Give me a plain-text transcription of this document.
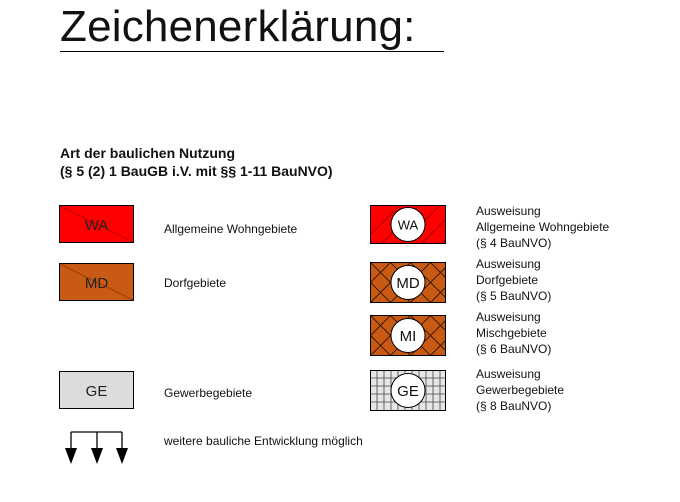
Zeichenerklärung:
Art der baulichen Nutzung
(§ 5 (2) 1 BauGB i.V. mit §§ 1-11 BauNVO)
WA	Allgemeine Wohngebiete
MD	Dorfgebiete
GE	Gewerbegebiete
WA
Ausweisung
Allgemeine Wohngebiete
(§ 4 BauNVO)
MD
Ausweisung
Dorfgebiete
(§ 5 BauNVO)
MI
Ausweisung
Mischgebiete
(§ 6 BauNVO)
GE
Ausweisung
Gewerbegebiete
(§ 8 BauNVO)
weitere bauliche Entwicklung möglich
